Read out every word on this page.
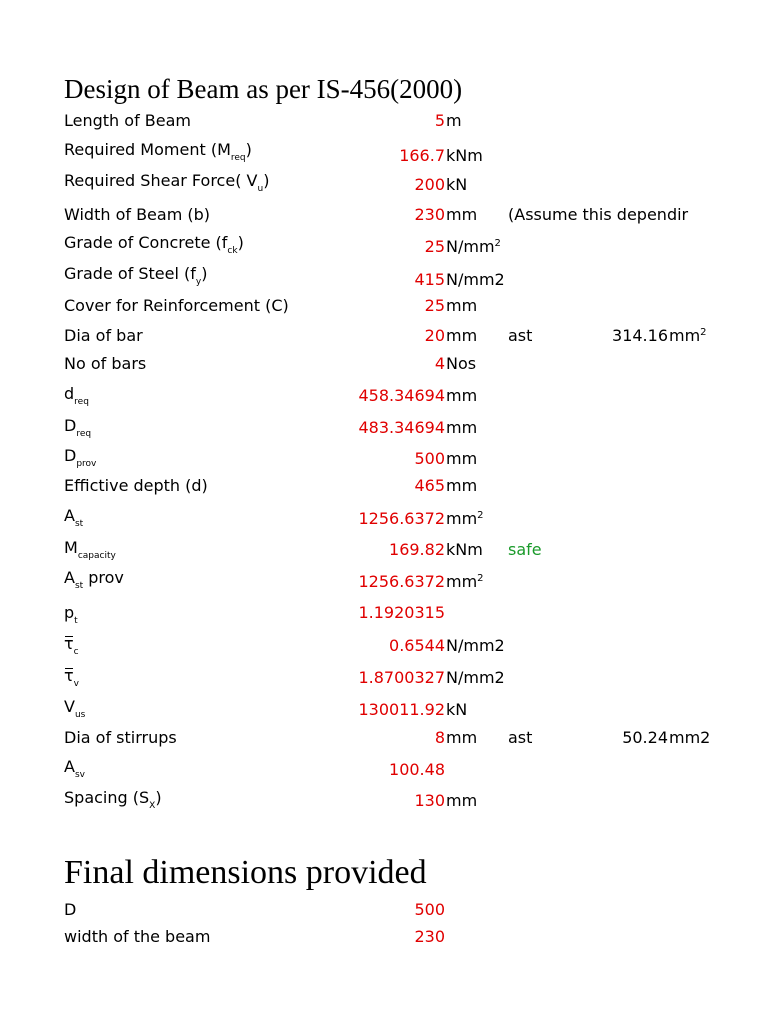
Design of Beam as per IS-456(2000)
Length of Beam	5 m
Required Moment $(M_{req})$	166.7 kNm
Required Shear Force( $V_u$)	200 kN
Width of Beam (b)	230 mm (Assume this dependir
Grade of Concrete $(f_{ck})$	25 $N/mm^2$
Grade of Steel $(f_y)$	415 N/mm2
Cover for Reinforcement (C)	25 mm
Dia of bar	20 mm ast	314.16 $mm^2$
No of bars	4 Nos
$d_{req}$	458.34694 mm
$D_{req}$	483.34694 mm
$D_{prov}$	500 mm
Effictive depth (d)	465 mm
$A_{st}$	1256.6372 $mm^2$
$M_{capacity}$	169.82 kNm safe
$A_{st}$ prov	1256.6372 $mm^2$
$p_t$	1.1920315
$\tau_c$	0.6544 N/mm2
$\tau_v$	1.8700327 N/mm2
$V_{us}$	130011.92 kN
Dia of stirrups	8 mm ast	50.24 mm2
$A_{sv}$	100.48
Spacing $(S_X)$	130 mm
Final dimensions provided
D	500
width of the beam	230
